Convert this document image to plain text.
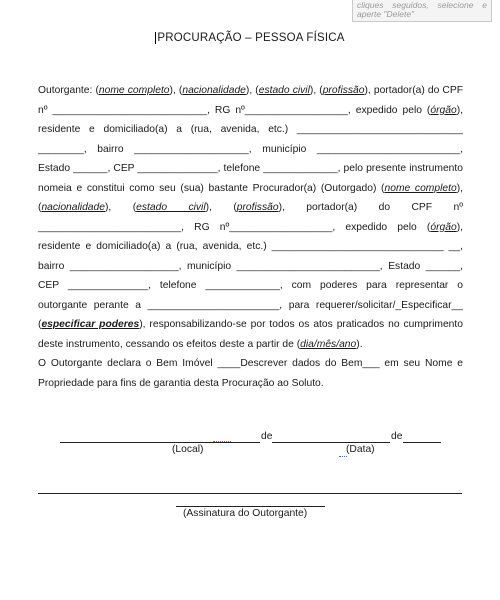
cliques seguidos, selecione e aperte "Delete"
PROCURAÇÃO – PESSOA FÍSICA

Outorgante: (nome completo), (nacionalidade), (estado civil), (profissão), portador(a) do CPF nº ___________________________, RG nº__________________, expedido pelo (órgão), residente e domiciliado(a) a (rua, avenida, etc.) _____________________________ ________, bairro ____________________, município _________________________, Estado ______, CEP ______________, telefone _____________, pelo presente instrumento nomeia e constitui como seu (sua) bastante Procurador(a) (Outorgado) (nome completo), (nacionalidade), (estado civil), (profissão), portador(a) do CPF nº _________________________, RG nº__________________, expedido pelo (órgão), residente e domiciliado(a) a (rua, avenida, etc.) ______________________________ __, bairro ___________________, município _________________________, Estado ______, CEP ______________, telefone _____________, com poderes para representar o outorgante perante a _______________________, para requerer/solicitar/_Especificar__ (especificar poderes), responsabilizando-se por todos os atos praticados no cumprimento deste instrumento, cessando os efeitos deste a partir de (dia/mês/ano).

O Outorgante declara o Bem Imóvel ____Descrever dados do Bem___ em seu Nome e Propriedade para fins de garantia desta Procuração ao Soluto.

de	de
(Local)	(Data)
(Assinatura do Outorgante)
